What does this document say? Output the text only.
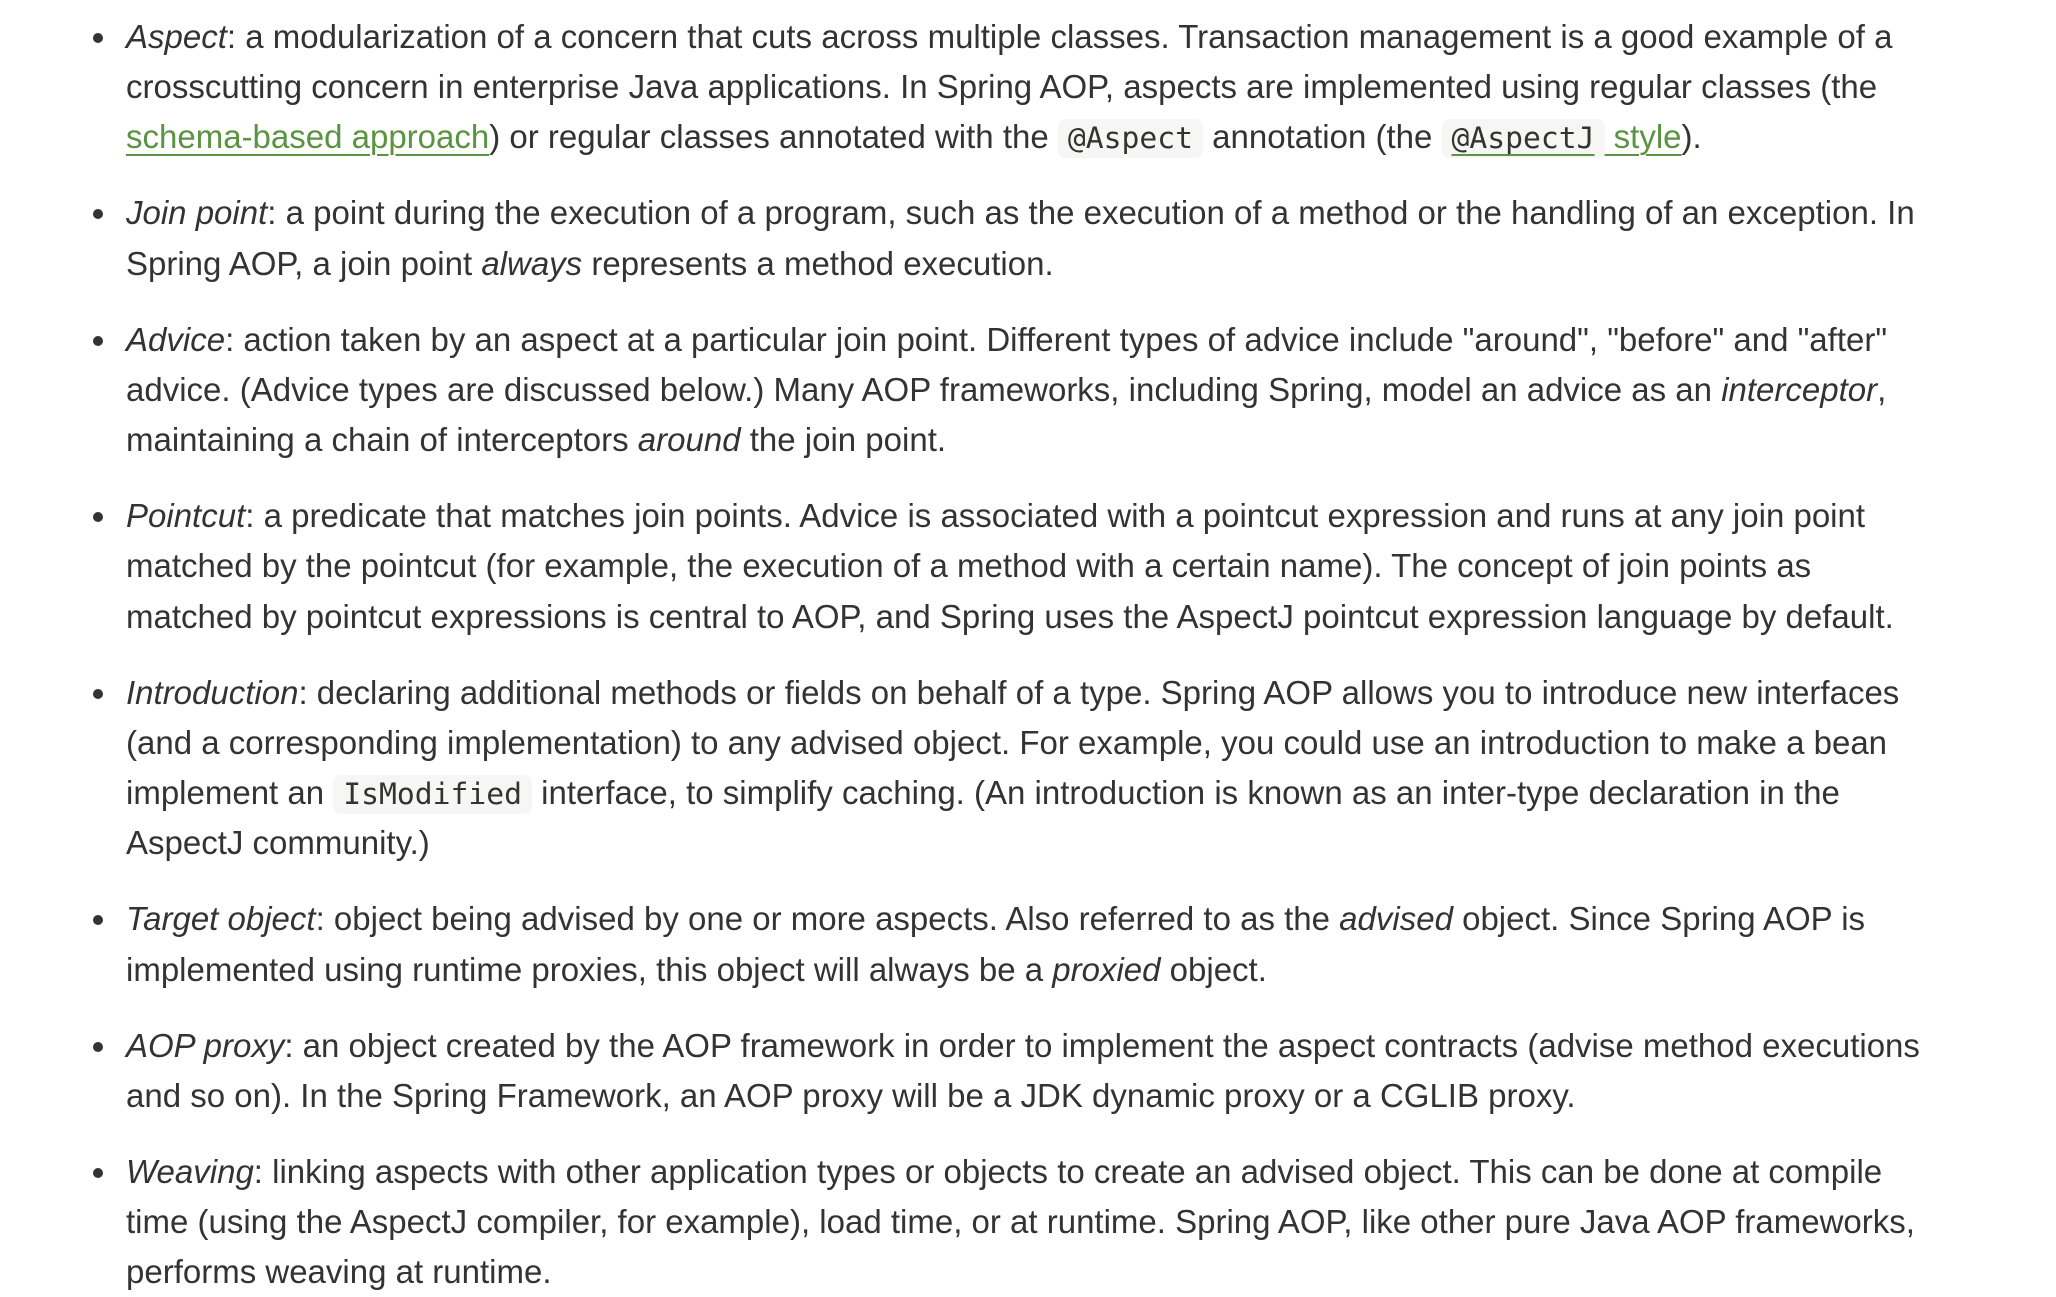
• Aspect: a modularization of a concern that cuts across multiple classes. Transaction management is a good example of a crosscutting concern in enterprise Java applications. In Spring AOP, aspects are implemented using regular classes (the schema-based approach) or regular classes annotated with the @Aspect annotation (the @AspectJ style).
• Join point: a point during the execution of a program, such as the execution of a method or the handling of an exception. In Spring AOP, a join point always represents a method execution.
• Advice: action taken by an aspect at a particular join point. Different types of advice include "around", "before" and "after" advice. (Advice types are discussed below.) Many AOP frameworks, including Spring, model an advice as an interceptor, maintaining a chain of interceptors around the join point.
• Pointcut: a predicate that matches join points. Advice is associated with a pointcut expression and runs at any join point matched by the pointcut (for example, the execution of a method with a certain name). The concept of join points as matched by pointcut expressions is central to AOP, and Spring uses the AspectJ pointcut expression language by default.
• Introduction: declaring additional methods or fields on behalf of a type. Spring AOP allows you to introduce new interfaces (and a corresponding implementation) to any advised object. For example, you could use an introduction to make a bean implement an IsModified interface, to simplify caching. (An introduction is known as an inter-type declaration in the AspectJ community.)
• Target object: object being advised by one or more aspects. Also referred to as the advised object. Since Spring AOP is implemented using runtime proxies, this object will always be a proxied object.
• AOP proxy: an object created by the AOP framework in order to implement the aspect contracts (advise method executions and so on). In the Spring Framework, an AOP proxy will be a JDK dynamic proxy or a CGLIB proxy.
• Weaving: linking aspects with other application types or objects to create an advised object. This can be done at compile time (using the AspectJ compiler, for example), load time, or at runtime. Spring AOP, like other pure Java AOP frameworks, performs weaving at runtime.
